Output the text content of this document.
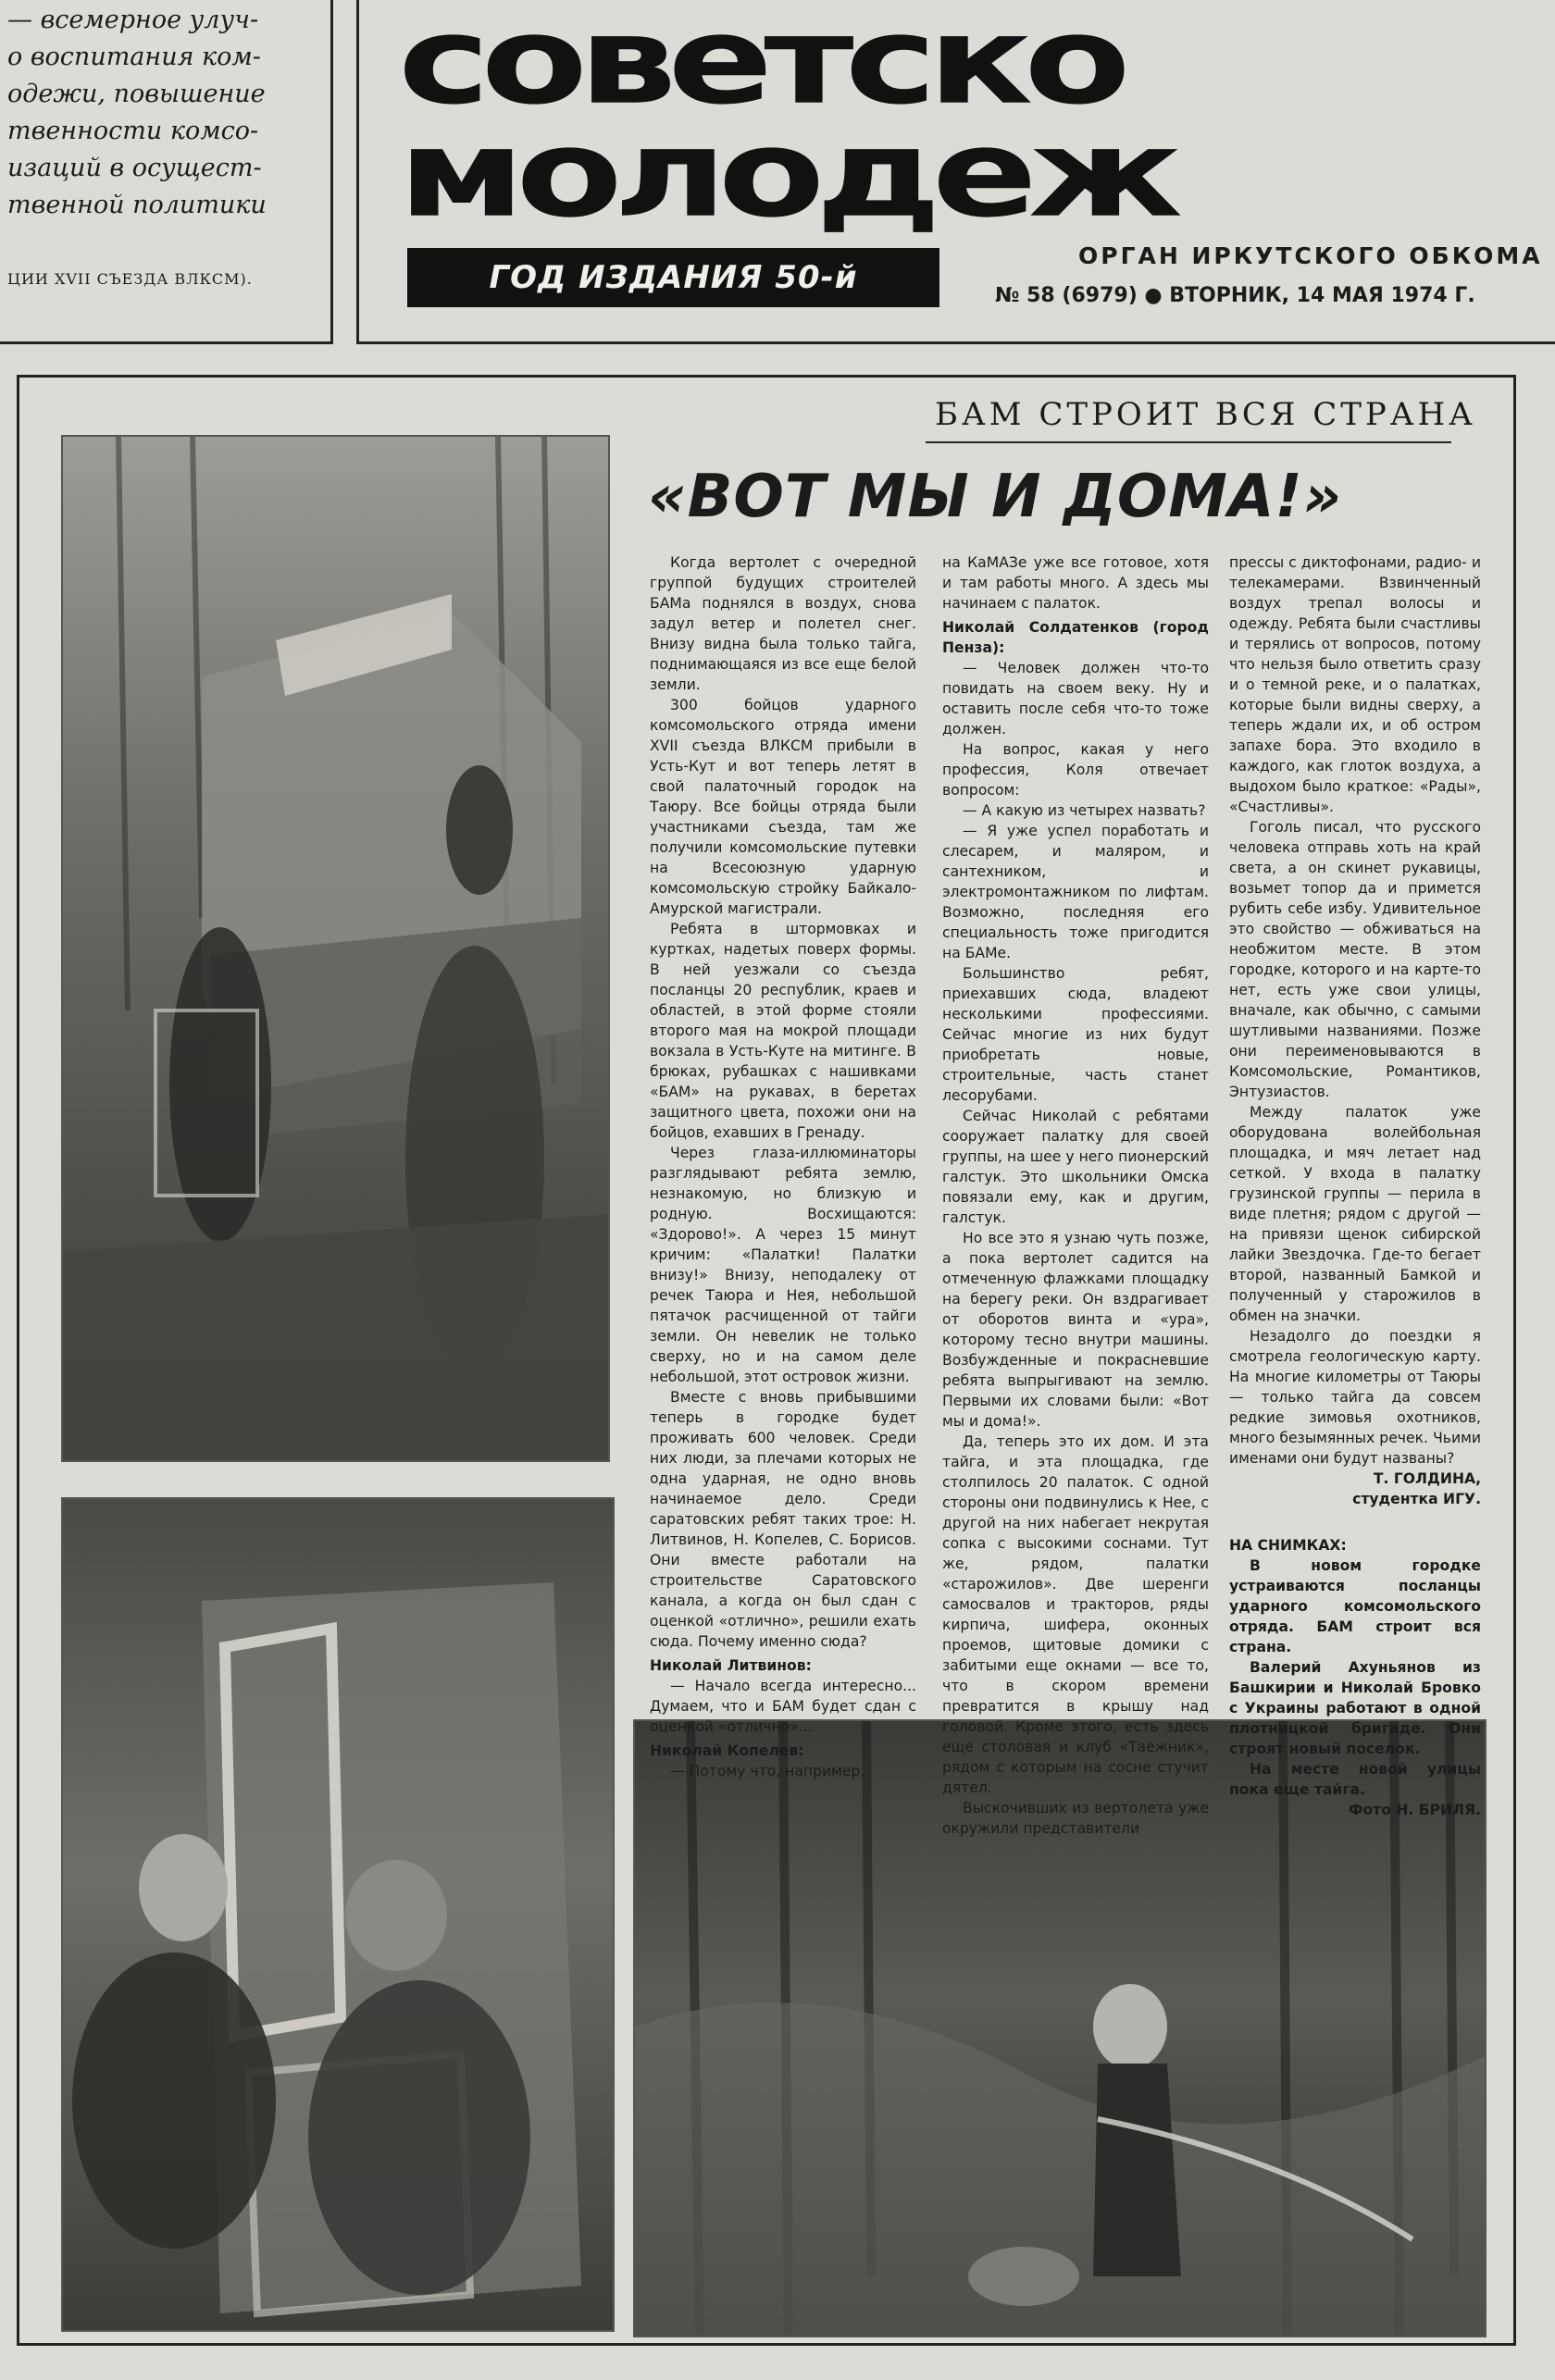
— всемерное улуч-

о воспитания ком-

одежи, повышение

твенности комсо-

изаций в осущест-

твенной политики

ЦИИ XVII СЪЕЗДА ВЛКСМ).
советско
молодеж
ГОД ИЗДАНИЯ 50-й
ОРГАН ИРКУТСКОГО ОБКОМА
№ 58 (6979) ● ВТОРНИК, 14 МАЯ 1974 Г.
БАМ СТРОИТ ВСЯ СТРАНА
«ВОТ МЫ И ДОМА!»

Когда вертолет с очередной группой будущих строителей БАМа поднялся в воздух, снова задул ветер и полетел снег. Внизу видна была только тайга, поднимающаяся из все еще белой земли.

300 бойцов ударного комсомольского отряда имени XVII съезда ВЛКСМ прибыли в Усть-Кут и вот теперь летят в свой палаточный городок на Таюру. Все бойцы отряда были участниками съезда, там же получили комсомольские путевки на Всесоюзную ударную комсомольскую стройку Байкало-Амурской магистрали.

Ребята в штормовках и куртках, надетых поверх формы. В ней уезжали со съезда посланцы 20 республик, краев и областей, в этой форме стояли второго мая на мокрой площади вокзала в Усть-Куте на митинге. В брюках, рубашках с нашивками «БАМ» на рукавах, в беретах защитного цвета, похожи они на бойцов, ехавших в Гренаду.

Через глаза-иллюминаторы разглядывают ребята землю, незнакомую, но близкую и родную. Восхищаются: «Здорово!». А через 15 минут кричим: «Палатки! Палатки внизу!» Внизу, неподалеку от речек Таюра и Нея, небольшой пятачок расчищенной от тайги земли. Он невелик не только сверху, но и на самом деле небольшой, этот островок жизни.

Вместе с вновь прибывшими теперь в городке будет проживать 600 человек. Среди них люди, за плечами которых не одна ударная, не одно вновь начинаемое дело. Среди саратовских ребят таких трое: Н. Литвинов, Н. Копелев, С. Борисов. Они вместе работали на строительстве Саратовского канала, а когда он был сдан с оценкой «отлично», решили ехать сюда. Почему именно сюда?

Николай Литвинов:

— Начало всегда интересно... Думаем, что и БАМ будет сдан с оценкой «отлично»...

Николай Копелев:

— Потому что, например,

на КаМАЗе уже все готовое, хотя и там работы много. А здесь мы начинаем с палаток.

Николай Солдатенков (город Пенза):

— Человек должен что-то повидать на своем веку. Ну и оставить после себя что-то тоже должен.

На вопрос, какая у него профессия, Коля отвечает вопросом:

— А какую из четырех назвать?

— Я уже успел поработать и слесарем, и маляром, и сантехником, и электромонтажником по лифтам. Возможно, последняя его специальность тоже пригодится на БАМе.

Большинство ребят, приехавших сюда, владеют несколькими профессиями. Сейчас многие из них будут приобретать новые, строительные, часть станет лесорубами.

Сейчас Николай с ребятами сооружает палатку для своей группы, на шее у него пионерский галстук. Это школьники Омска повязали ему, как и другим, галстук.

Но все это я узнаю чуть позже, а пока вертолет садится на отмеченную флажками площадку на берегу реки. Он вздрагивает от оборотов винта и «ура», которому тесно внутри машины. Возбужденные и покрасневшие ребята выпрыгивают на землю. Первыми их словами были: «Вот мы и дома!».

Да, теперь это их дом. И эта тайга, и эта площадка, где столпилось 20 палаток. С одной стороны они подвинулись к Нее, с другой на них набегает некрутая сопка с высокими соснами. Тут же, рядом, палатки «старожилов». Две шеренги самосвалов и тракторов, ряды кирпича, шифера, оконных проемов, щитовые домики с забитыми еще окнами — все то, что в скором времени превратится в крышу над головой. Кроме этого, есть здесь еще столовая и клуб «Таежник», рядом с которым на сосне стучит дятел.

Выскочивших из вертолета уже окружили представители

прессы с диктофонами, радио- и телекамерами. Взвинченный воздух трепал волосы и одежду. Ребята были счастливы и терялись от вопросов, потому что нельзя было ответить сразу и о темной реке, и о палатках, которые были видны сверху, а теперь ждали их, и об остром запахе бора. Это входило в каждого, как глоток воздуха, а выдохом было краткое: «Рады», «Счастливы».

Гоголь писал, что русского человека отправь хоть на край света, а он скинет рукавицы, возьмет топор да и примется рубить себе избу. Удивительное это свойство — обживаться на необжитом месте. В этом городке, которого и на карте-то нет, есть уже свои улицы, вначале, как обычно, с самыми шутливыми названиями. Позже они переименовываются в Комсомольские, Романтиков, Энтузиастов.

Между палаток уже оборудована волейбольная площадка, и мяч летает над сеткой. У входа в палатку грузинской группы — перила в виде плетня; рядом с другой — на привязи щенок сибирской лайки Звездочка. Где-то бегает второй, названный Бамкой и полученный у старожилов в обмен на значки.

Незадолго до поездки я смотрела геологическую карту. На многие километры от Таюры — только тайга да совсем редкие зимовья охотников, много безымянных речек. Чьими именами они будут названы?

Т. ГОЛДИНА,

студентка ИГУ.

НА СНИМКАХ:

В новом городке устраиваются посланцы ударного комсомольского отряда. БАМ строит вся страна.

Валерий Ахуньянов из Башкирии и Николай Бровко с Украины работают в одной плотницкой бригаде. Они строят новый поселок.

На месте новой улицы пока еще тайга.

Фото Н. БРИЛЯ.
